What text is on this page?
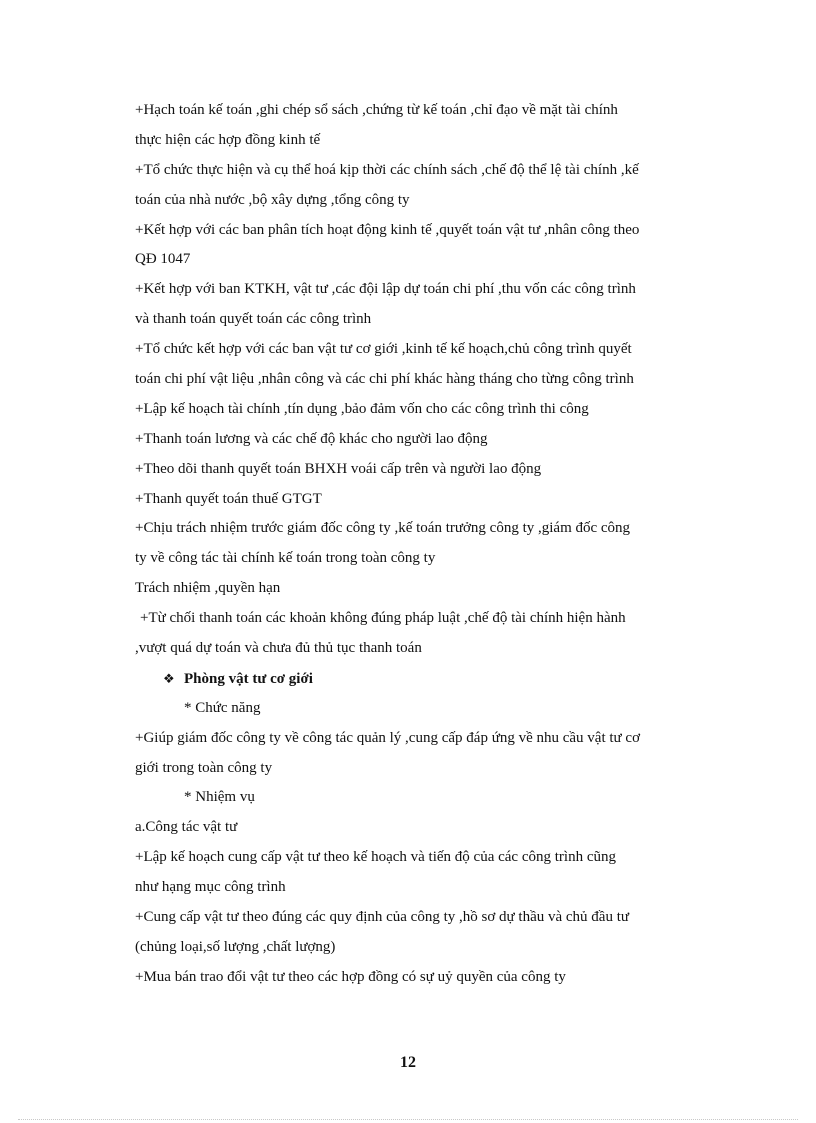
+Hạch toán kế toán ,ghi chép sổ sách ,chứng từ kế toán ,chỉ đạo về mặt tài chính
thực hiện các hợp đồng kinh tế
+Tổ chức thực hiện và cụ thể hoá kịp thời các chính sách ,chế độ thể lệ tài chính ,kế
toán của nhà nước ,bộ xây dựng ,tổng công ty
+Kết hợp với các ban phân tích hoạt động kinh tế ,quyết toán vật tư ,nhân công theo
QĐ 1047
+Kết hợp với ban KTKH, vật tư ,các đội lập dự toán chi phí ,thu vốn các công trình
và thanh toán quyết toán các công trình
+Tổ chức kết hợp với các ban vật tư cơ giới ,kinh tế kế hoạch,chủ công trình quyết
toán chi phí vật liệu ,nhân công và các chi phí khác hàng tháng cho từng công trình
+Lập kế hoạch tài chính ,tín dụng ,bảo đảm vốn cho các công trình thi công
+Thanh toán lương và các chế độ khác cho người lao động
+Theo dõi thanh quyết toán BHXH voái cấp trên và người lao động
+Thanh quyết toán thuế GTGT
+Chịu trách nhiệm trước giám đốc công ty ,kế toán trưởng công ty ,giám đốc công
ty về công tác tài chính kế toán trong toàn công ty
Trách nhiệm ,quyền hạn
+Từ chối thanh toán các khoản không đúng pháp luật ,chế độ tài chính hiện hành
,vượt quá dự toán và chưa đủ thủ tục thanh toán
❖ Phòng vật tư cơ giới
* Chức năng
+Giúp giám đốc công ty về công tác quản lý ,cung cấp đáp ứng về nhu cầu vật tư cơ
giới trong toàn công ty
* Nhiệm vụ
a.Công tác vật tư
+Lập kế hoạch cung cấp vật tư theo kế hoạch và tiến độ của các công trình cũng
như hạng mục công trình
+Cung cấp vật tư theo đúng các quy định của công ty ,hồ sơ dự thầu và chủ đầu tư
(chủng loại,số lượng ,chất lượng)
+Mua bán trao đổi vật tư theo các hợp đồng có sự uỷ quyền của công ty
12
